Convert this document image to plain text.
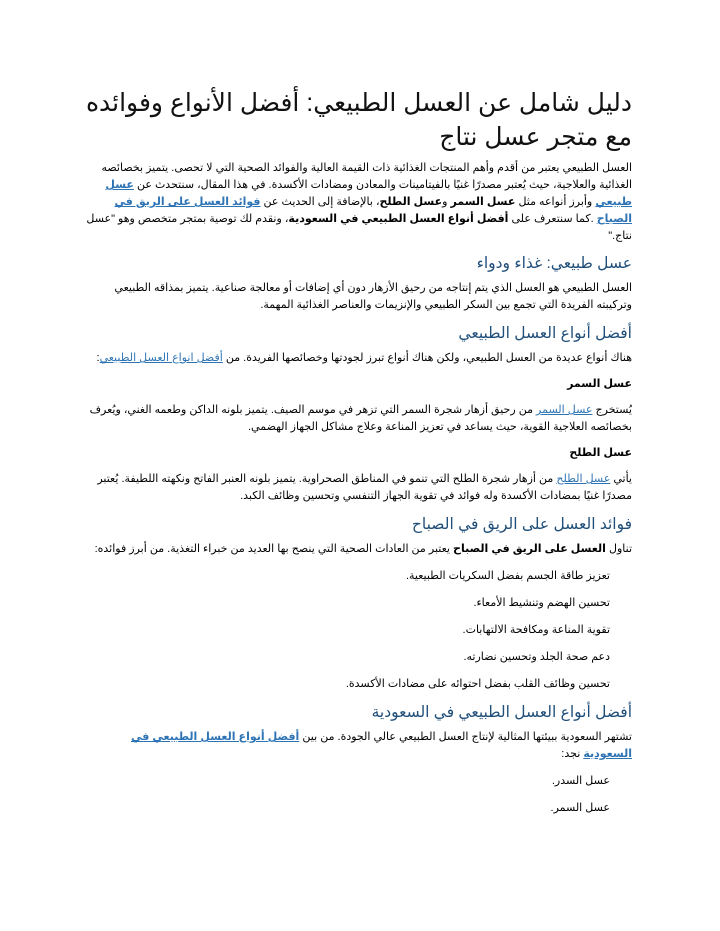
دليل شامل عن العسل الطبيعي: أفضل الأنواع وفوائده
مع متجر عسل نتاج

العسل الطبيعي يعتبر من أقدم وأهم المنتجات الغذائية ذات القيمة العالية والفوائد الصحية التي لا تحصى. يتميز بخصائصه الغذائية والعلاجية، حيث يُعتبر مصدرًا غنيًا بالفيتامينات والمعادن ومضادات الأكسدة. في هذا المقال، سنتحدث عن عسل طبيعي وأبرز أنواعه مثل عسل السمر وعسل الطلح، بالإضافة إلى الحديث عن فوائد العسل على الريق في الصباح .كما سنتعرف على أفضل أنواع العسل الطبيعي في السعودية، ونقدم لك توصية بمتجر متخصص وهو "عسل نتاج."

عسل طبيعي: غذاء ودواء

العسل الطبيعي هو العسل الذي يتم إنتاجه من رحيق الأزهار دون أي إضافات أو معالجة صناعية. يتميز بمذاقه الطبيعي وتركيبته الفريدة التي تجمع بين السكر الطبيعي والإنزيمات والعناصر الغذائية المهمة.

أفضل أنواع العسل الطبيعي

هناك أنواع عديدة من العسل الطبيعي، ولكن هناك أنواع تبرز لجودتها وخصائصها الفريدة. من أفضل انواع العسل الطبيعي:

عسل السمر

يُستخرج عسل السمر من رحيق أزهار شجرة السمر التي تزهر في موسم الصيف. يتميز بلونه الداكن وطعمه الغني، ويُعرف بخصائصه العلاجية القوية، حيث يساعد في تعزيز المناعة وعلاج مشاكل الجهاز الهضمي.

عسل الطلح

يأتي عسل الطلح من أزهار شجرة الطلح التي تنمو في المناطق الصحراوية. يتميز بلونه العنبر الفاتح ونكهته اللطيفة. يُعتبر مصدرًا غنيًا بمضادات الأكسدة وله فوائد في تقوية الجهاز التنفسي وتحسين وظائف الكبد.

فوائد العسل على الريق في الصباح

تناول العسل على الريق في الصباح يعتبر من العادات الصحية التي ينصح بها العديد من خبراء التغذية. من أبرز فوائده:

تعزيز طاقة الجسم بفضل السكريات الطبيعية.
تحسين الهضم وتنشيط الأمعاء.
تقوية المناعة ومكافحة الالتهابات.
دعم صحة الجلد وتحسين نضارته.
تحسين وظائف القلب بفضل احتوائه على مضادات الأكسدة.
أفضل أنواع العسل الطبيعي في السعودية

تشتهر السعودية ببيئتها المثالية لإنتاج العسل الطبيعي عالي الجودة. من بين أفضل أنواع العسل الطبيعي في السعودية نجد:

عسل السدر.
عسل السمر.
